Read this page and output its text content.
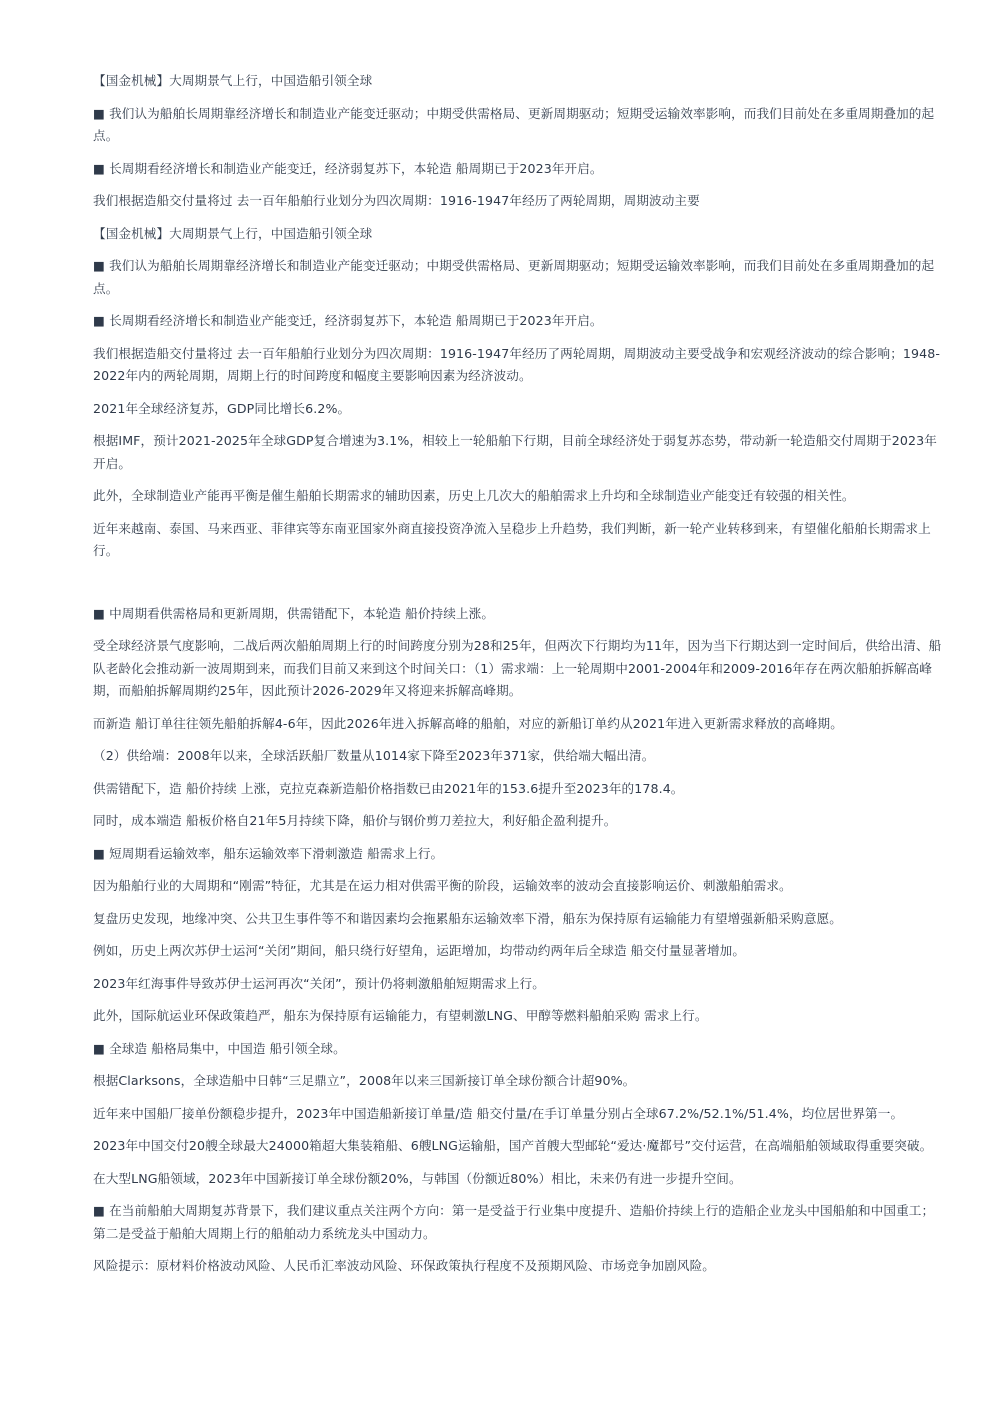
【国金机械】大周期景气上行，中国造船引领全球

■ 我们认为船舶长周期靠经济增长和制造业产能变迁驱动；中期受供需格局、更新周期驱动；短期受运输效率影响，而我们目前处在多重周期叠加的起点。

■ 长周期看经济增长和制造业产能变迁，经济弱复苏下，本轮造 船周期已于2023年开启。

我们根据造船交付量将过 去一百年船舶行业划分为四次周期：1916-1947年经历了两轮周期，周期波动主要

【国金机械】大周期景气上行，中国造船引领全球

■ 我们认为船舶长周期靠经济增长和制造业产能变迁驱动；中期受供需格局、更新周期驱动；短期受运输效率影响，而我们目前处在多重周期叠加的起点。

■ 长周期看经济增长和制造业产能变迁，经济弱复苏下，本轮造 船周期已于2023年开启。

我们根据造船交付量将过 去一百年船舶行业划分为四次周期：1916-1947年经历了两轮周期，周期波动主要受战争和宏观经济波动的综合影响；1948-2022年内的两轮周期，周期上行的时间跨度和幅度主要影响因素为经济波动。

2021年全球经济复苏，GDP同比增长6.2%。

根据IMF，预计2021-2025年全球GDP复合增速为3.1%，相较上一轮船舶下行期，目前全球经济处于弱复苏态势，带动新一轮造船交付周期于2023年开启。

此外，全球制造业产能再平衡是催生船舶长期需求的辅助因素，历史上几次大的船舶需求上升均和全球制造业产能变迁有较强的相关性。

近年来越南、泰国、马来西亚、菲律宾等东南亚国家外商直接投资净流入呈稳步上升趋势，我们判断，新一轮产业转移到来，有望催化船舶长期需求上行。

■ 中周期看供需格局和更新周期，供需错配下，本轮造 船价持续上涨。

受全球经济景气度影响，二战后两次船舶周期上行的时间跨度分别为28和25年，但两次下行期均为11年，因为当下行期达到一定时间后，供给出清、船队老龄化会推动新一波周期到来，而我们目前又来到这个时间关口：（1）需求端：上一轮周期中2001-2004年和2009-2016年存在两次船舶拆解高峰期，而船舶拆解周期约25年，因此预计2026-2029年又将迎来拆解高峰期。

而新造 船订单往往领先船舶拆解4-6年，因此2026年进入拆解高峰的船舶，对应的新船订单约从2021年进入更新需求释放的高峰期。

（2）供给端：2008年以来，全球活跃船厂数量从1014家下降至2023年371家，供给端大幅出清。

供需错配下，造 船价持续 上涨，克拉克森新造船价格指数已由2021年的153.6提升至2023年的178.4。

同时，成本端造 船板价格自21年5月持续下降，船价与钢价剪刀差拉大，利好船企盈利提升。

■ 短周期看运输效率，船东运输效率下滑刺激造 船需求上行。

因为船舶行业的大周期和“刚需”特征，尤其是在运力相对供需平衡的阶段，运输效率的波动会直接影响运价、刺激船舶需求。

复盘历史发现，地缘冲突、公共卫生事件等不和谐因素均会拖累船东运输效率下滑，船东为保持原有运输能力有望增强新船采购意愿。

例如，历史上两次苏伊士运河“关闭”期间，船只绕行好望角，运距增加，均带动约两年后全球造 船交付量显著增加。

2023年红海事件导致苏伊士运河再次“关闭”，预计仍将刺激船舶短期需求上行。

此外，国际航运业环保政策趋严，船东为保持原有运输能力，有望刺激LNG、甲醇等燃料船舶采购 需求上行。

■ 全球造 船格局集中，中国造 船引领全球。

根据Clarksons，全球造船中日韩“三足鼎立”，2008年以来三国新接订单全球份额合计超90%。

近年来中国船厂接单份额稳步提升，2023年中国造船新接订单量/造 船交付量/在手订单量分别占全球67.2%/52.1%/51.4%，均位居世界第一。

2023年中国交付20艘全球最大24000箱超大集装箱船、6艘LNG运输船，国产首艘大型邮轮“爱达·魔都号”交付运营，在高端船舶领域取得重要突破。

在大型LNG船领域，2023年中国新接订单全球份额20%，与韩国（份额近80%）相比，未来仍有进一步提升空间。

■ 在当前船舶大周期复苏背景下，我们建议重点关注两个方向：第一是受益于行业集中度提升、造船价持续上行的造船企业龙头中国船舶和中国重工；第二是受益于船舶大周期上行的船舶动力系统龙头中国动力。

风险提示：原材料价格波动风险、人民币汇率波动风险、环保政策执行程度不及预期风险、市场竞争加剧风险。
